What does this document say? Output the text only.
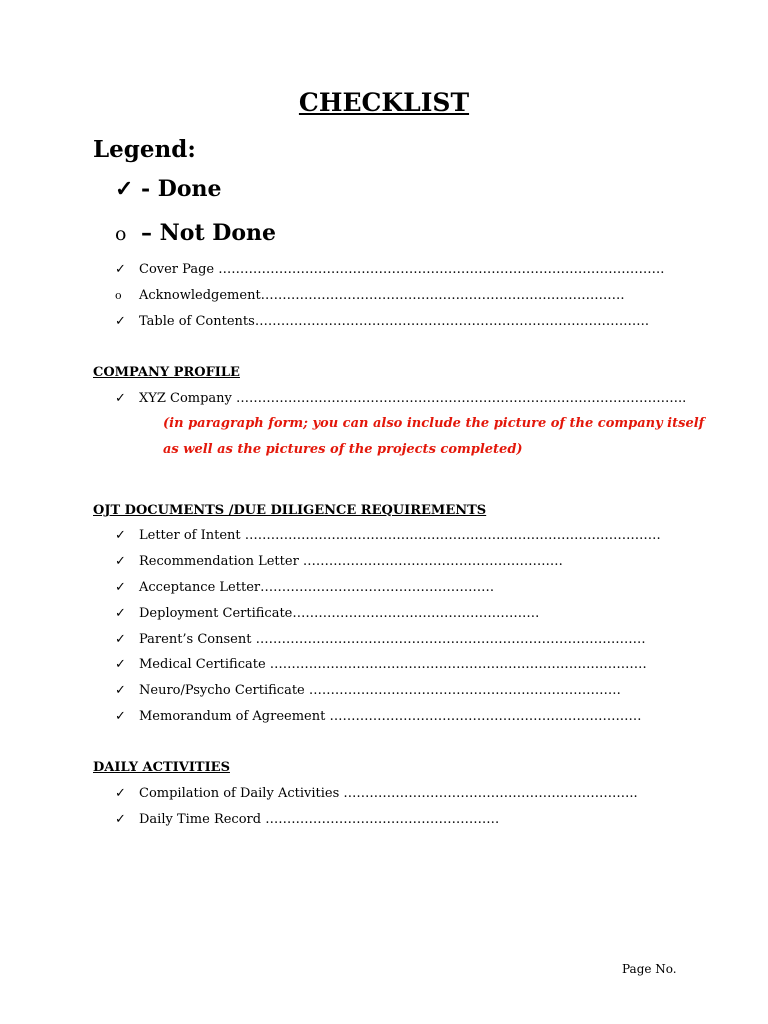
CHECKLIST
Legend:
✓ - Done
o – Not Done
✓ Cover Page ………………………………………………………………………………………….
o Acknowledgement…………………………………………………………………………
✓ Table of Contents……………………………………………………………………………….
COMPANY PROFILE
✓ XYZ Company …………………………………………………………………………………………..
(in paragraph form; you can also include the picture of the company itself
as well as the pictures of the projects completed)
OJT DOCUMENTS /DUE DILIGENCE REQUIREMENTS
✓ Letter of Intent ……………………………………………………………………………………
✓ Recommendation Letter ……………………………………………………
✓ Acceptance Letter………………………………………………
✓ Deployment Certificate…………………………………………………
✓ Parent’s Consent ………………………………………………………………………………
✓ Medical Certificate ……………………………………………………………………………
✓ Neuro/Psycho Certificate ………………………………………………………………
✓ Memorandum of Agreement ………………………………………………………………
DAILY ACTIVITIES
✓ Compilation of Daily Activities …………………………………………………………..
✓ Daily Time Record ………………………………………………
Page No.
